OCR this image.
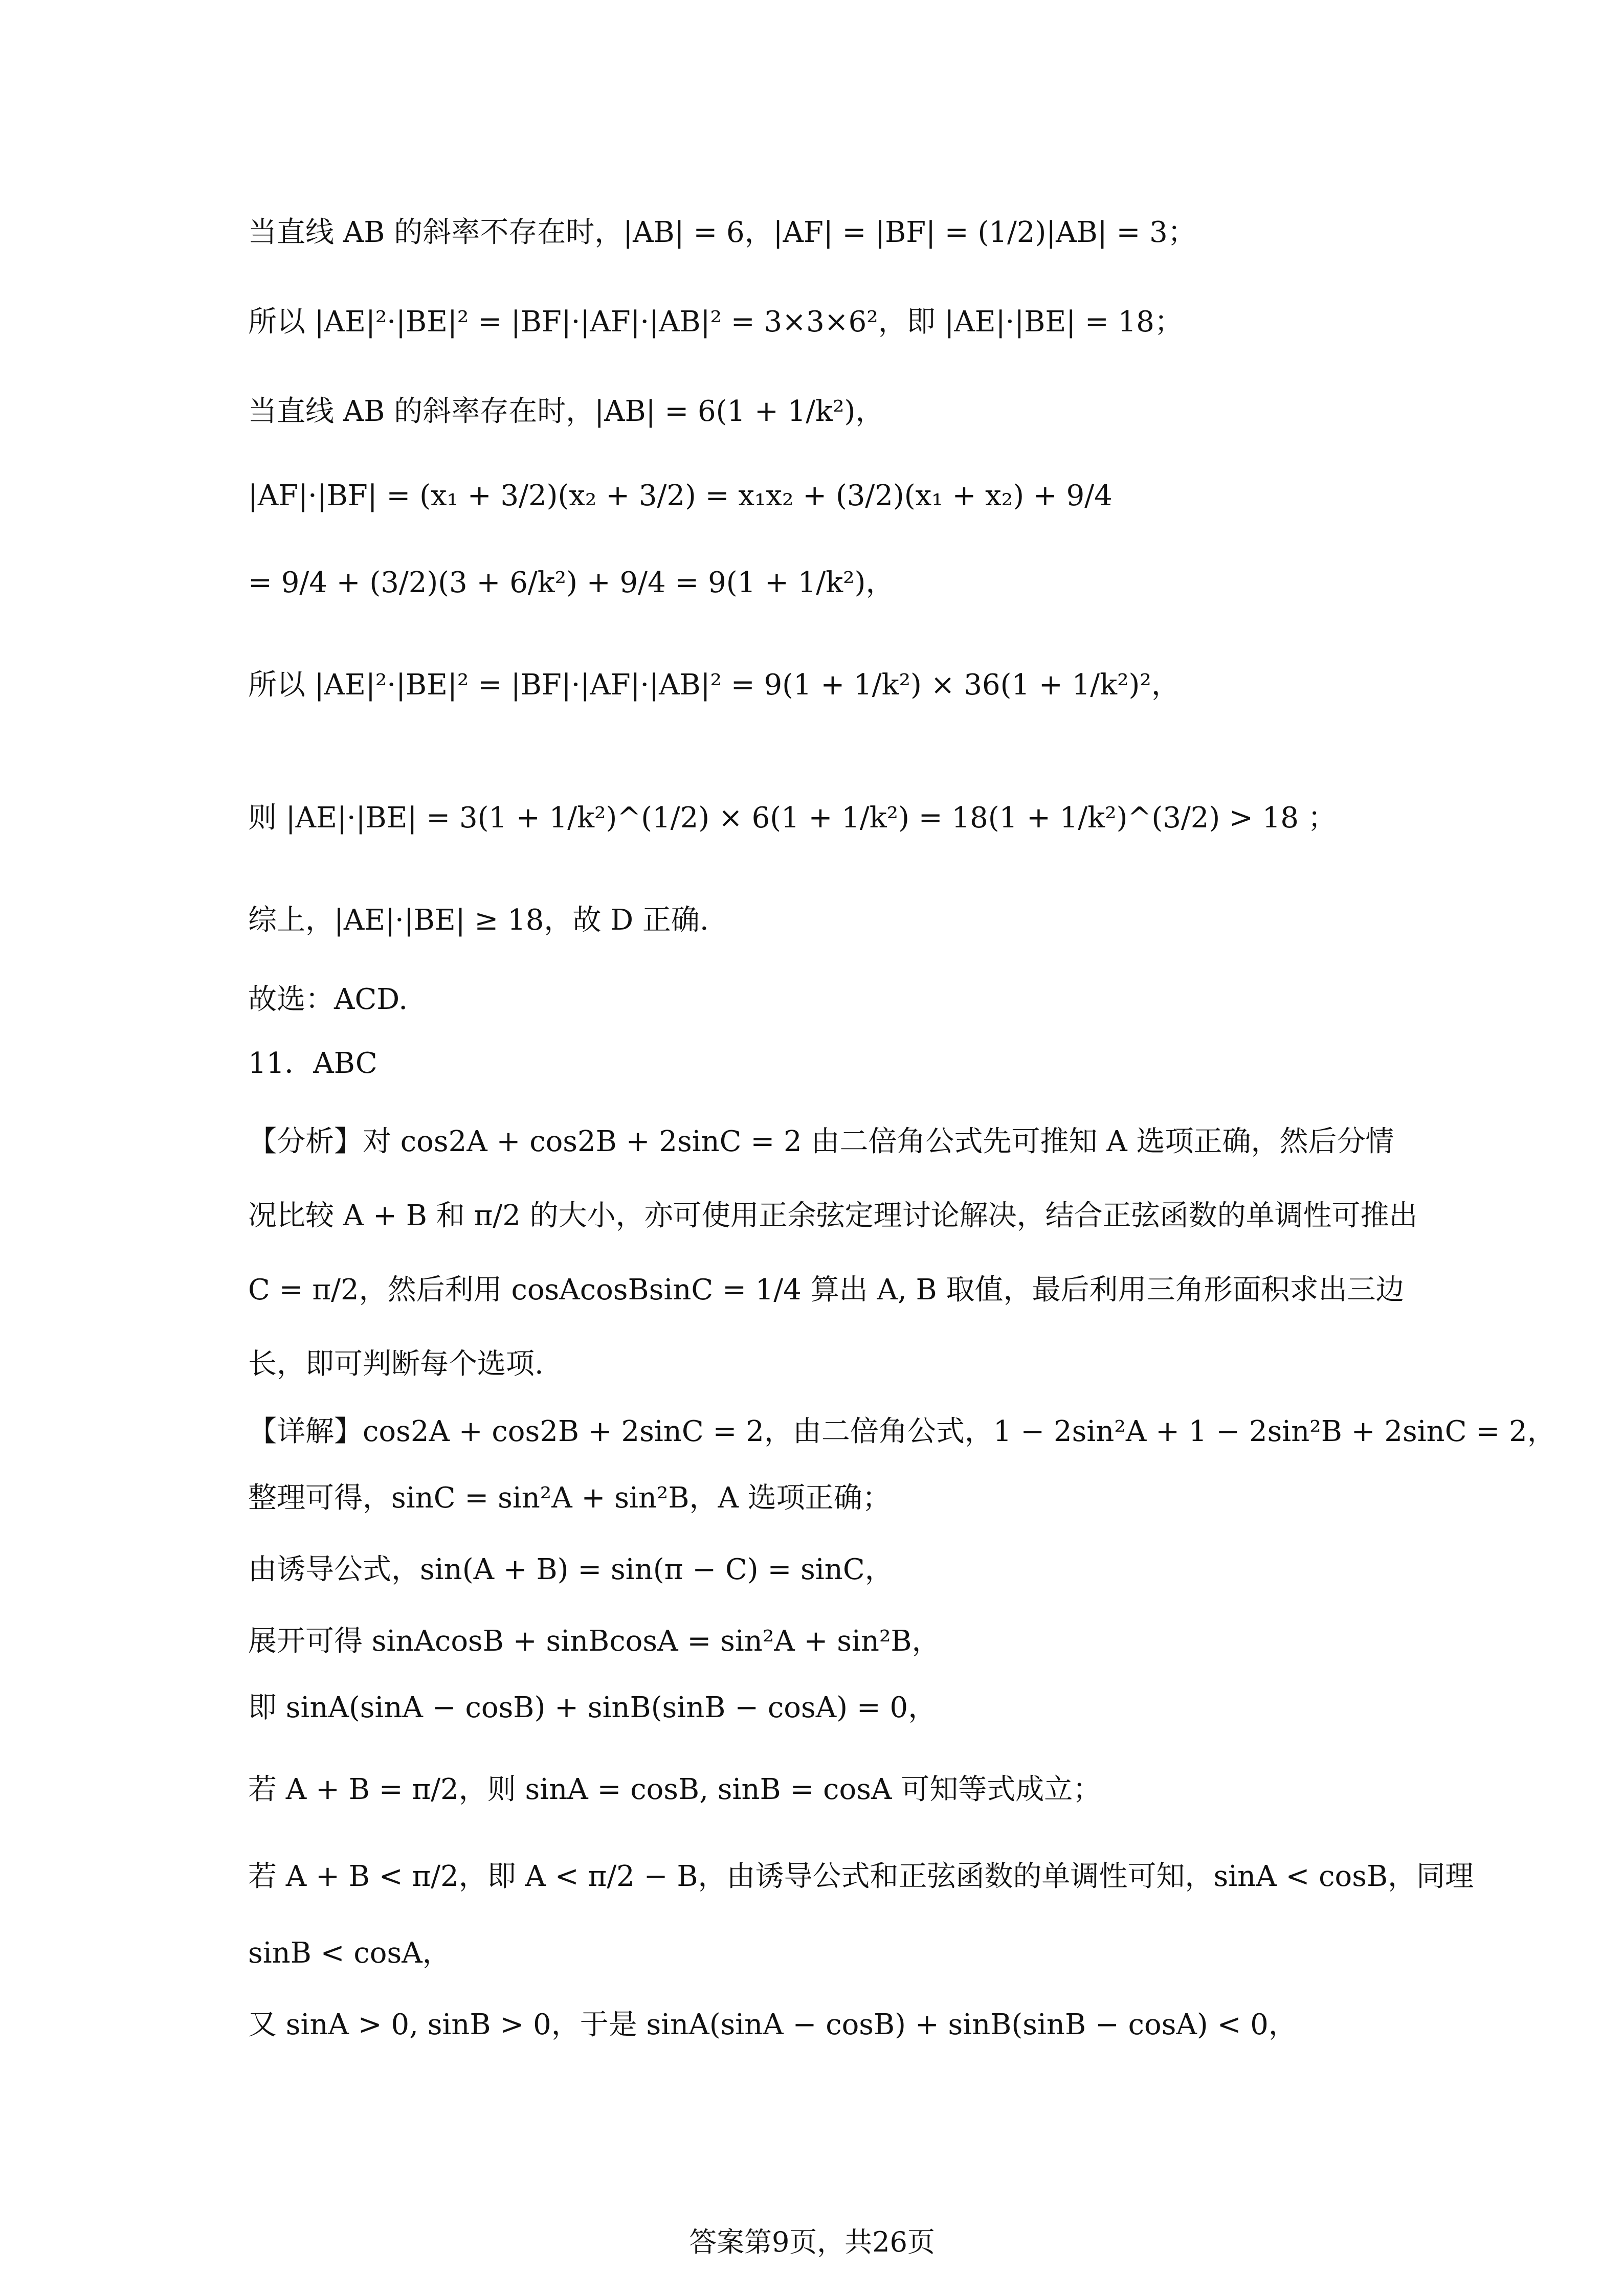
当直线 AB 的斜率不存在时，|AB| = 6，|AF| = |BF| = (1/2)|AB| = 3；
所以 |AE|²·|BE|² = |BF|·|AF|·|AB|² = 3×3×6²，即 |AE|·|BE| = 18；
当直线 AB 的斜率存在时，|AB| = 6(1 + 1/k²)，
|AF|·|BF| = (x₁ + 3/2)(x₂ + 3/2) = x₁x₂ + (3/2)(x₁ + x₂) + 9/4
= 9/4 + (3/2)(3 + 6/k²) + 9/4 = 9(1 + 1/k²)，
所以 |AE|²·|BE|² = |BF|·|AF|·|AB|² = 9(1 + 1/k²) × 36(1 + 1/k²)²，
则 |AE|·|BE| = 3(1 + 1/k²)^(1/2) × 6(1 + 1/k²) = 18(1 + 1/k²)^(3/2) > 18 ；
综上，|AE|·|BE| ≥ 18，故 D 正确.
故选：ACD.
11．ABC
【分析】对 cos2A + cos2B + 2sinC = 2 由二倍角公式先可推知 A 选项正确，然后分情况比较 A + B 和 π/2 的大小，亦可使用正余弦定理讨论解决，结合正弦函数的单调性可推出 C = π/2，然后利用 cosAcosBsinC = 1/4 算出 A, B 取值，最后利用三角形面积求出三边长，即可判断每个选项.
【详解】cos2A + cos2B + 2sinC = 2，由二倍角公式，1 − 2sin²A + 1 − 2sin²B + 2sinC = 2，
整理可得，sinC = sin²A + sin²B，A 选项正确；
由诱导公式，sin(A + B) = sin(π − C) = sinC，
展开可得 sinAcosB + sinBcosA = sin²A + sin²B，
即 sinA(sinA − cosB) + sinB(sinB − cosA) = 0，
若 A + B = π/2，则 sinA = cosB, sinB = cosA 可知等式成立；
若 A + B < π/2，即 A < π/2 − B，由诱导公式和正弦函数的单调性可知，sinA < cosB，同理
sinB < cosA，
又 sinA > 0, sinB > 0，于是 sinA(sinA − cosB) + sinB(sinB − cosA) < 0，
答案第9页，共26页
